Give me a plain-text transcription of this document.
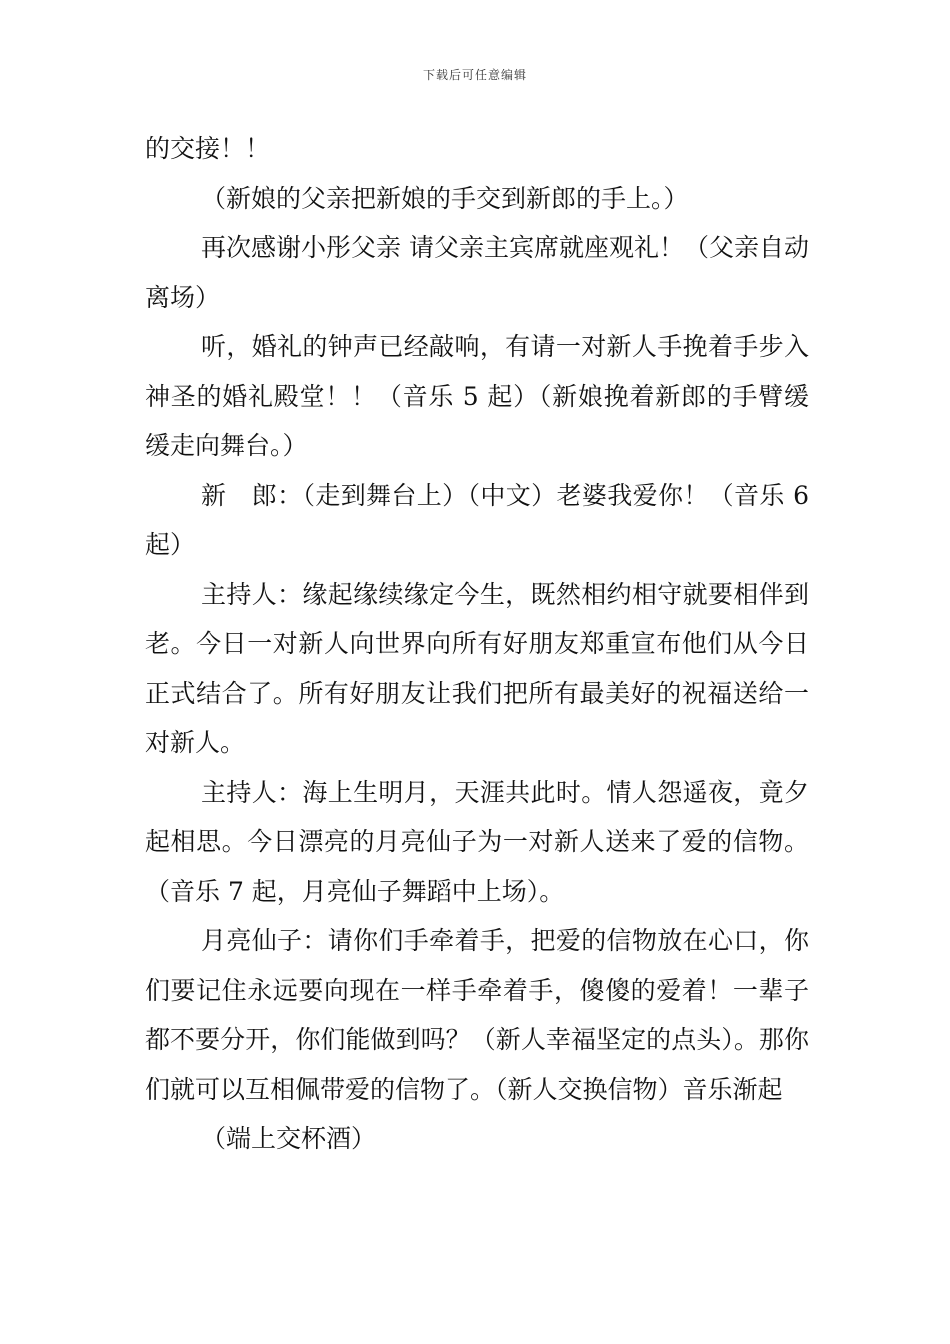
下载后可任意编辑

的交接！！

（新娘的父亲把新娘的手交到新郎的手上。）

再次感谢小彤父亲 请父亲主宾席就座观礼！（父亲自动离场）

听，婚礼的钟声已经敲响，有请一对新人手挽着手步入神圣的婚礼殿堂！！（音乐 5 起）（新娘挽着新郎的手臂缓缓走向舞台。）

新　郎：（走到舞台上）（中文）老婆我爱你！（音乐 6 起）

主持人：缘起缘续缘定今生，既然相约相守就要相伴到老。今日一对新人向世界向所有好朋友郑重宣布他们从今日正式结合了。所有好朋友让我们把所有最美好的祝福送给一对新人。

主持人：海上生明月，天涯共此时。情人怨遥夜，竟夕起相思。今日漂亮的月亮仙子为一对新人送来了爱的信物。（音乐 7 起，月亮仙子舞蹈中上场）。

月亮仙子：请你们手牵着手，把爱的信物放在心口，你们要记住永远要向现在一样手牵着手，傻傻的爱着！一辈子都不要分开，你们能做到吗？（新人幸福坚定的点头）。那你们就可以互相佩带爱的信物了。（新人交换信物）音乐渐起

（端上交杯酒）
